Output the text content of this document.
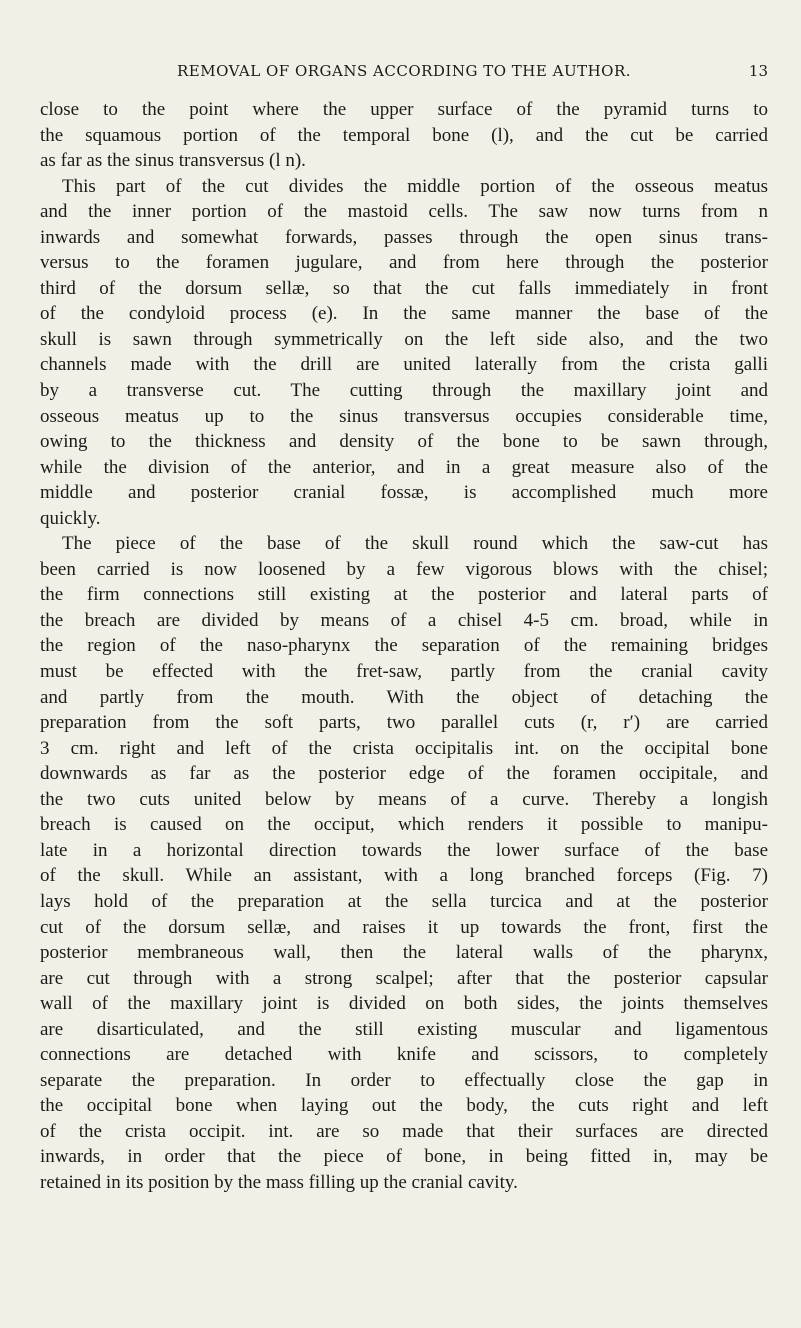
REMOVAL OF ORGANS ACCORDING TO THE AUTHOR.	13
close to the point where the upper surface of the pyramid turns to
the squamous portion of the temporal bone (l), and the cut be carried
as far as the sinus transversus (l n).
This part of the cut divides the middle portion of the osseous meatus
and the inner portion of the mastoid cells. The saw now turns from n
inwards and somewhat forwards, passes through the open sinus trans-
versus to the foramen jugulare, and from here through the posterior
third of the dorsum sellæ, so that the cut falls immediately in front
of the condyloid process (e). In the same manner the base of the
skull is sawn through symmetrically on the left side also, and the two
channels made with the drill are united laterally from the crista galli
by a transverse cut. The cutting through the maxillary joint and
osseous meatus up to the sinus transversus occupies considerable time,
owing to the thickness and density of the bone to be sawn through,
while the division of the anterior, and in a great measure also of the
middle and posterior cranial fossæ, is accomplished much more
quickly.
The piece of the base of the skull round which the saw-cut has
been carried is now loosened by a few vigorous blows with the chisel;
the firm connections still existing at the posterior and lateral parts of
the breach are divided by means of a chisel 4-5 cm. broad, while in
the region of the naso-pharynx the separation of the remaining bridges
must be effected with the fret-saw, partly from the cranial cavity
and partly from the mouth. With the object of detaching the
preparation from the soft parts, two parallel cuts (r, r′) are carried
3 cm. right and left of the crista occipitalis int. on the occipital bone
downwards as far as the posterior edge of the foramen occipitale, and
the two cuts united below by means of a curve. Thereby a longish
breach is caused on the occiput, which renders it possible to manipu-
late in a horizontal direction towards the lower surface of the base
of the skull. While an assistant, with a long branched forceps (Fig. 7)
lays hold of the preparation at the sella turcica and at the posterior
cut of the dorsum sellæ, and raises it up towards the front, first the
posterior membraneous wall, then the lateral walls of the pharynx,
are cut through with a strong scalpel; after that the posterior capsular
wall of the maxillary joint is divided on both sides, the joints themselves
are disarticulated, and the still existing muscular and ligamentous
connections are detached with knife and scissors, to completely
separate the preparation. In order to effectually close the gap in
the occipital bone when laying out the body, the cuts right and left
of the crista occipit. int. are so made that their surfaces are directed
inwards, in order that the piece of bone, in being fitted in, may be
retained in its position by the mass filling up the cranial cavity.
